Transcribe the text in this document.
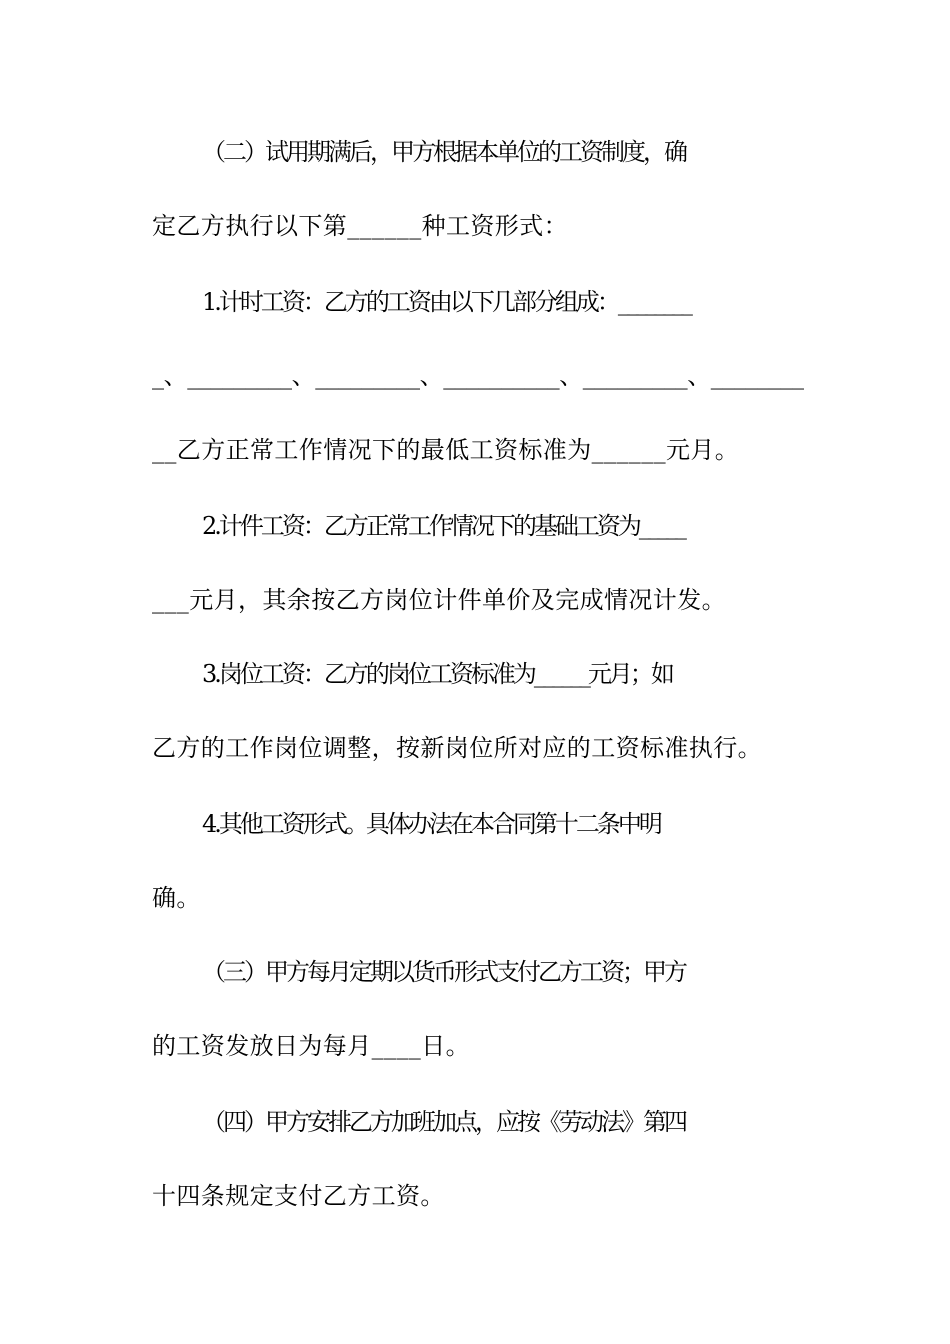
（二）试用期满后，甲方根据本单位的工资制度，确
定乙方执行以下第______种工资形式：
1.计时工资：乙方的工资由以下几部分组成：________
_、_________、_________、__________、_________、________
__乙方正常工作情况下的最低工资标准为______元月。
2.计件工资：乙方正常工作情况下的基础工资为_____
___元月，其余按乙方岗位计件单价及完成情况计发。
3.岗位工资：乙方的岗位工资标准为______元月；如
乙方的工作岗位调整，按新岗位所对应的工资标准执行。
4.其他工资形式。具体办法在本合同第十二条中明
确。
（三）甲方每月定期以货币形式支付乙方工资；甲方
的工资发放日为每月____日。
（四）甲方安排乙方加班加点，应按《劳动法》第四
十四条规定支付乙方工资。
